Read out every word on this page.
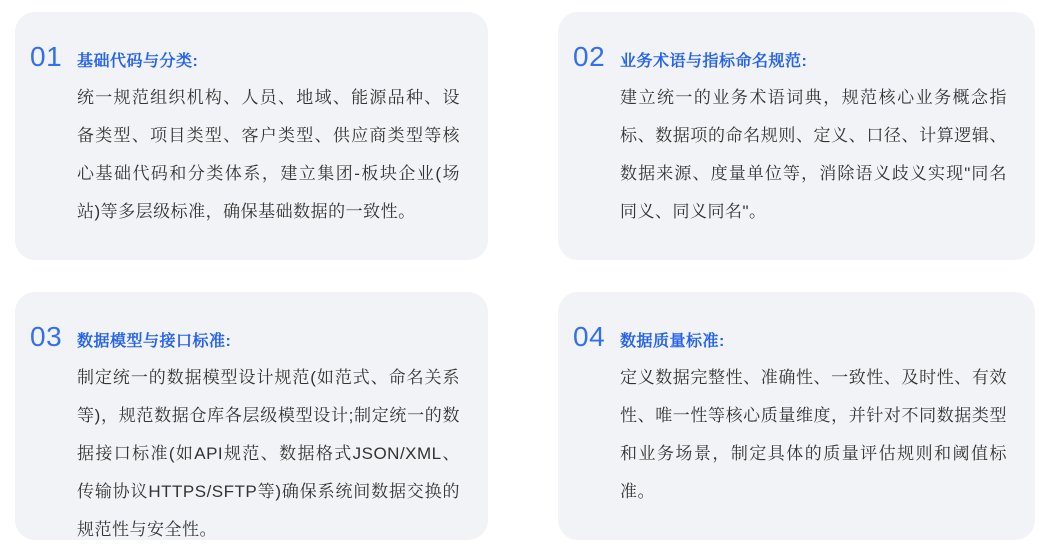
01 基础代码与分类:
统一规范组织机构、人员、地域、能源品种、设备类型、项目类型、客户类型、供应商类型等核心基础代码和分类体系，建立集团-板块企业(场站)等多层级标准，确保基础数据的一致性。
02 业务术语与指标命名规范:
建立统一的业务术语词典，规范核心业务概念指标、数据项的命名规则、定义、口径、计算逻辑、数据来源、度量单位等，消除语义歧义实现"同名同义、同义同名"。
03 数据模型与接口标准:
制定统一的数据模型设计规范(如范式、命名关系等)，规范数据仓库各层级模型设计;制定统一的数据接口标准(如API规范、数据格式JSON/XML、传输协议HTTPS/SFTP等)确保系统间数据交换的规范性与安全性。
04 数据质量标准:
定义数据完整性、准确性、一致性、及时性、有效性、唯一性等核心质量维度，并针对不同数据类型和业务场景，制定具体的质量评估规则和阈值标准。
